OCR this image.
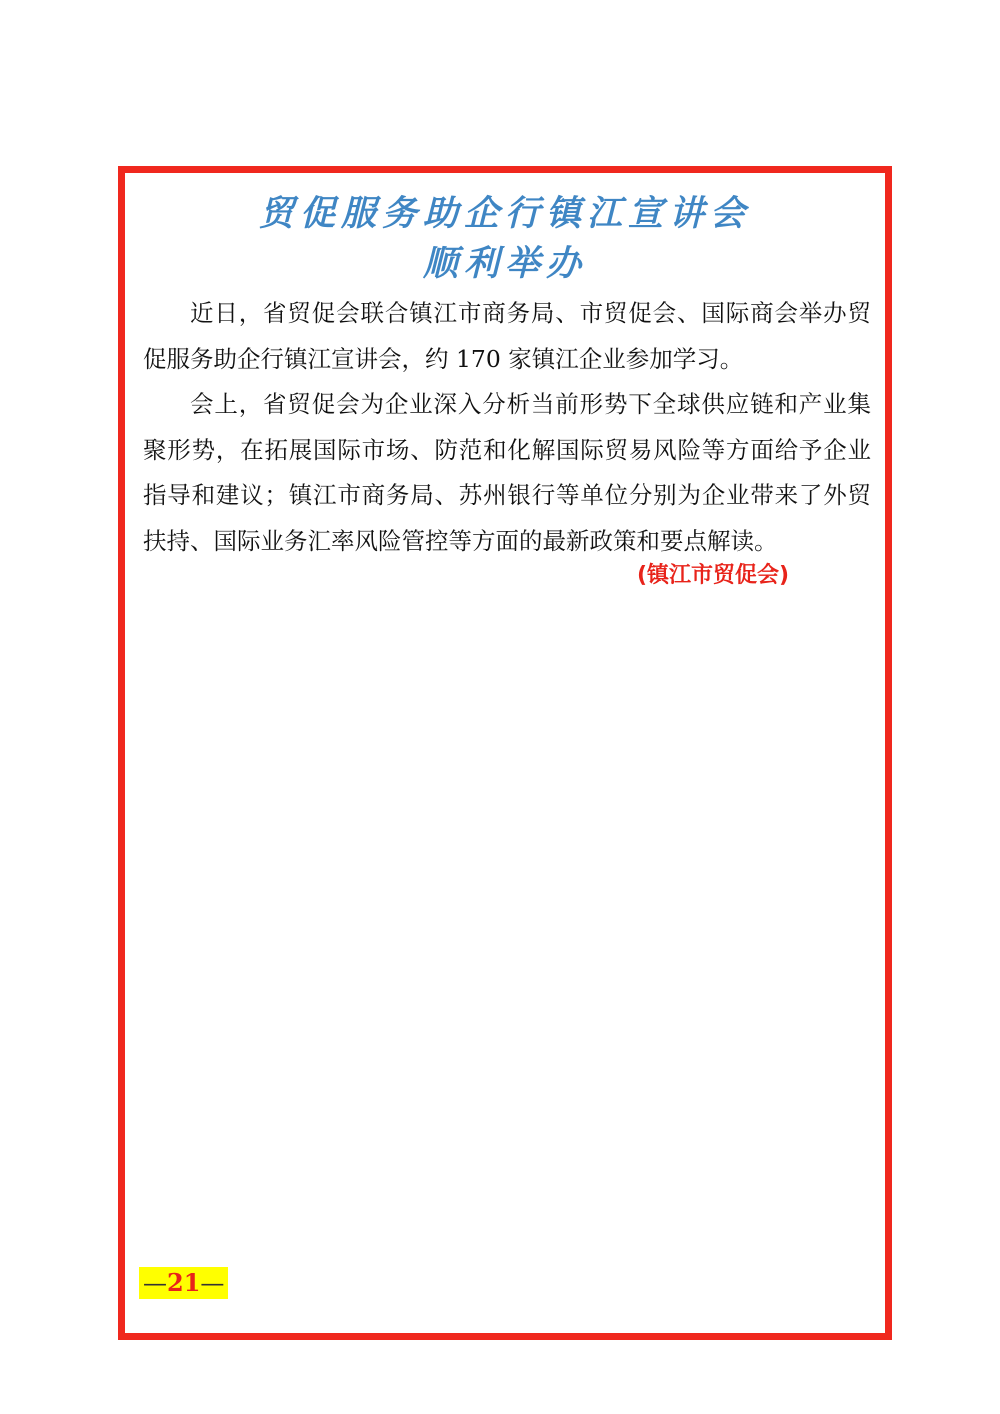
贸促服务助企行镇江宣讲会
顺利举办

近日，省贸促会联合镇江市商务局、市贸促会、国际商会举办贸促服务助企行镇江宣讲会，约 170 家镇江企业参加学习。

会上，省贸促会为企业深入分析当前形势下全球供应链和产业集聚形势，在拓展国际市场、防范和化解国际贸易风险等方面给予企业指导和建议；镇江市商务局、苏州银行等单位分别为企业带来了外贸扶持、国际业务汇率风险管控等方面的最新政策和要点解读。

(镇江市贸促会)
—21—
